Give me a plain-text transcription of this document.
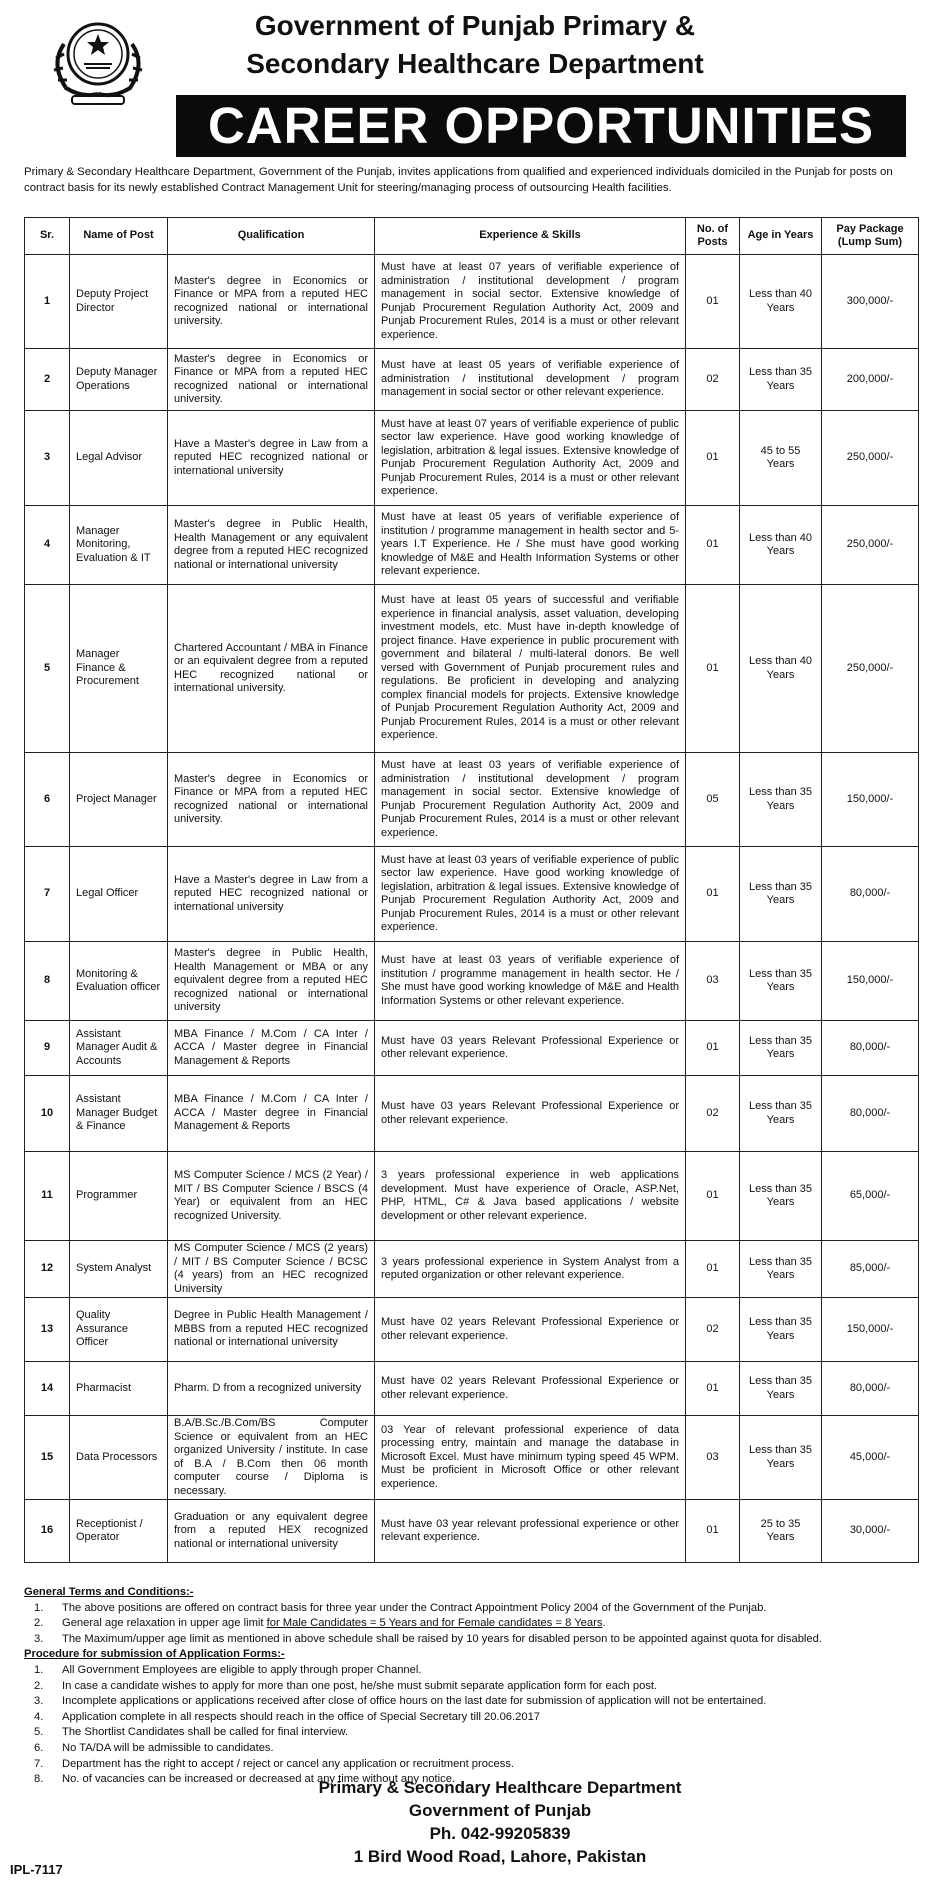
Government of Punjab Primary &
Secondary Healthcare Department
CAREER OPPORTUNITIES
Primary & Secondary Healthcare Department, Government of the Punjab, invites applications from qualified and experienced individuals domiciled in the Punjab for posts on contract basis for its newly established Contract Management Unit for steering/managing process of outsourcing Health facilities.
Sr.	Name of Post	Qualification	Experience & Skills	No. of Posts	Age in Years	Pay Package (Lump Sum)
1	Deputy Project Director	Master's degree in Economics or Finance or MPA from a reputed HEC recognized national or international university.	Must have at least 07 years of verifiable experience of administration / institutional development / program management in social sector. Extensive knowledge of Punjab Procurement Regulation Authority Act, 2009 and Punjab Procurement Rules, 2014 is a must or other relevant experience.	01	Less than 40 Years	300,000/-
2	Deputy Manager Operations	Master's degree in Economics or Finance or MPA from a reputed HEC recognized national or international university.	Must have at least 05 years of verifiable experience of administration / institutional development / program management in social sector or other relevant experience.	02	Less than 35 Years	200,000/-
3	Legal Advisor	Have a Master's degree in Law from a reputed HEC recognized national or international university	Must have at least 07 years of verifiable experience of public sector law experience. Have good working knowledge of legislation, arbitration & legal issues. Extensive knowledge of Punjab Procurement Regulation Authority Act, 2009 and Punjab Procurement Rules, 2014 is a must or other relevant experience.	01	45 to 55 Years	250,000/-
4	Manager Monitoring, Evaluation & IT	Master's degree in Public Health, Health Management or any equivalent degree from a reputed HEC recognized national or international university	Must have at least 05 years of verifiable experience of institution / programme management in health sector and 5-years I.T Experience. He / She must have good working knowledge of M&E and Health Information Systems or other relevant experience.	01	Less than 40 Years	250,000/-
5	Manager Finance & Procurement	Chartered Accountant / MBA in Finance or an equivalent degree from a reputed HEC recognized national or international university.	Must have at least 05 years of successful and verifiable experience in financial analysis, asset valuation, developing investment models, etc. Must have in-depth knowledge of project finance. Have experience in public procurement with government and bilateral / multi-lateral donors. Be well versed with Government of Punjab procurement rules and regulations. Be proficient in developing and analyzing complex financial models for projects. Extensive knowledge of Punjab Procurement Regulation Authority Act, 2009 and Punjab Procurement Rules, 2014 is a must or other relevant experience.	01	Less than 40 Years	250,000/-
6	Project Manager	Master's degree in Economics or Finance or MPA from a reputed HEC recognized national or international university.	Must have at least 03 years of verifiable experience of administration / institutional development / program management in social sector. Extensive knowledge of Punjab Procurement Regulation Authority Act, 2009 and Punjab Procurement Rules, 2014 is a must or other relevant experience.	05	Less than 35 Years	150,000/-
7	Legal Officer	Have a Master's degree in Law from a reputed HEC recognized national or international university	Must have at least 03 years of verifiable experience of public sector law experience. Have good working knowledge of legislation, arbitration & legal issues. Extensive knowledge of Punjab Procurement Regulation Authority Act, 2009 and Punjab Procurement Rules, 2014 is a must or other relevant experience.	01	Less than 35 Years	80,000/-
8	Monitoring & Evaluation officer	Master's degree in Public Health, Health Management or MBA or any equivalent degree from a reputed HEC recognized national or international university	Must have at least 03 years of verifiable experience of institution / programme management in health sector. He / She must have good working knowledge of M&E and Health Information Systems or other relevant experience.	03	Less than 35 Years	150,000/-
9	Assistant Manager Audit & Accounts	MBA Finance / M.Com / CA Inter / ACCA / Master degree in Financial Management & Reports	Must have 03 years Relevant Professional Experience or other relevant experience.	01	Less than 35 Years	80,000/-
10	Assistant Manager Budget & Finance	MBA Finance / M.Com / CA Inter / ACCA / Master degree in Financial Management & Reports	Must have 03 years Relevant Professional Experience or other relevant experience.	02	Less than 35 Years	80,000/-
11	Programmer	MS Computer Science / MCS (2 Year) / MIT / BS Computer Science / BSCS (4 Year) or equivalent from an HEC recognized University.	3 years professional experience in web applications development. Must have experience of Oracle, ASP.Net, PHP, HTML, C# & Java based applications / website development or other relevant experience.	01	Less than 35 Years	65,000/-
12	System Analyst	MS Computer Science / MCS (2 years) / MIT / BS Computer Science / BCSC (4 years) from an HEC recognized University	3 years professional experience in System Analyst from a reputed organization or other relevant experience.	01	Less than 35 Years	85,000/-
13	Quality Assurance Officer	Degree in Public Health Management / MBBS from a reputed HEC recognized national or international university	Must have 02 years Relevant Professional Experience or other relevant experience.	02	Less than 35 Years	150,000/-
14	Pharmacist	Pharm. D from a recognized university	Must have 02 years Relevant Professional Experience or other relevant experience.	01	Less than 35 Years	80,000/-
15	Data Processors	B.A/B.Sc./B.Com/BS Computer Science or equivalent from an HEC organized University / institute. In case of B.A / B.Com then 06 month computer course / Diploma is necessary.	03 Year of relevant professional experience of data processing entry, maintain and manage the database in Microsoft Excel. Must have minimum typing speed 45 WPM. Must be proficient in Microsoft Office or other relevant experience.	03	Less than 35 Years	45,000/-
16	Receptionist / Operator	Graduation or any equivalent degree from a reputed HEX recognized national or international university	Must have 03 year relevant professional experience or other relevant experience.	01	25 to 35 Years	30,000/-
General Terms and Conditions:-
1.	The above positions are offered on contract basis for three year under the Contract Appointment Policy 2004 of the Government of the Punjab.
2.	General age relaxation in upper age limit for Male Candidates = 5 Years and for Female candidates = 8 Years.
3.	The Maximum/upper age limit as mentioned in above schedule shall be raised by 10 years for disabled person to be appointed against quota for disabled.
Procedure for submission of Application Forms:-
1.	All Government Employees are eligible to apply through proper Channel.
2.	In case a candidate wishes to apply for more than one post, he/she must submit separate application form for each post.
3.	Incomplete applications or applications received after close of office hours on the last date for submission of application will not be entertained.
4.	Application complete in all respects should reach in the office of Special Secretary till 20.06.2017
5.	The Shortlist Candidates shall be called for final interview.
6.	No TA/DA will be admissible to candidates.
7.	Department has the right to accept / reject or cancel any application or recruitment process.
8.	No. of vacancies can be increased or decreased at any time without any notice.
Primary & Secondary Healthcare Department
Government of Punjab
Ph. 042-99205839
1 Bird Wood Road, Lahore, Pakistan
IPL-7117
